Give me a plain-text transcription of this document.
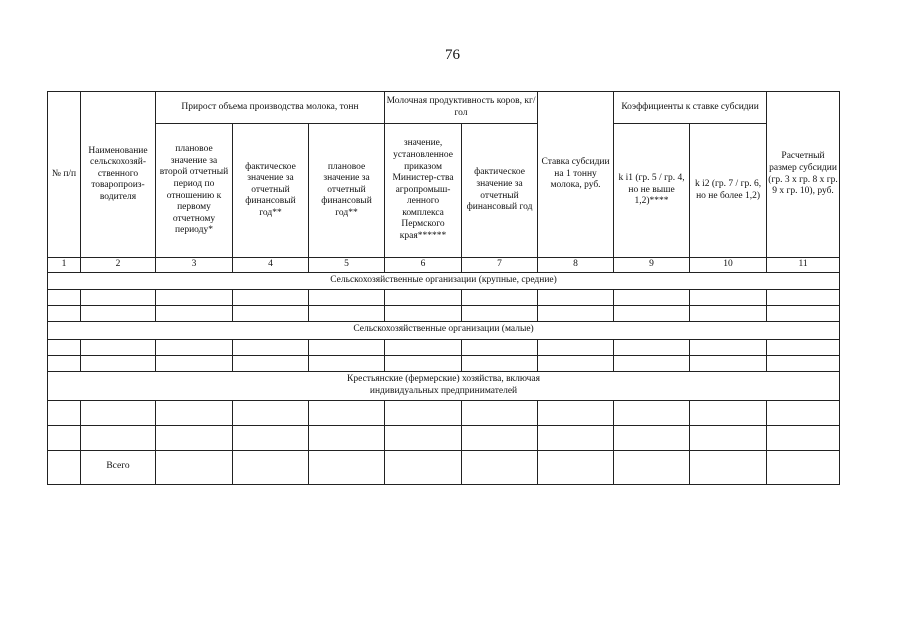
76
№ п/п	Наименование сельскохозяй-ственного товаропроиз-водителя	Прирост объема производства молока, тонн			Молочная продуктивность коров, кг/гол		Ставка субсидии на 1 тонну молока, руб.	Коэффициенты к ставке субсидии		Расчетный размер субсидии (гр. 3 х гр. 8 х гр. 9 х гр. 10), руб.
		плановое значение за второй отчетный период по отношению к первому отчетному периоду*	фактическое значение за отчетный финансовый год**	плановое значение за отчетный финансовый год**	значение, установленное приказом Министер-ства агропромыш-ленного комплекса Пермского края******	фактическое значение за отчетный финансовый год		k i1 (гр. 5 / гр. 4, но не выше 1,2)****	k i2 (гр. 7 / гр. 6, но не более 1,2)	
1	2	3	4	5	6	7	8	9	10	11
Сельскохозяйственные организации (крупные, средние)										

Сельскохозяйственные организации (малые)										

Крестьянские (фермерские) хозяйства, включая
индивидуальных предпринимателей										

	Всего									
